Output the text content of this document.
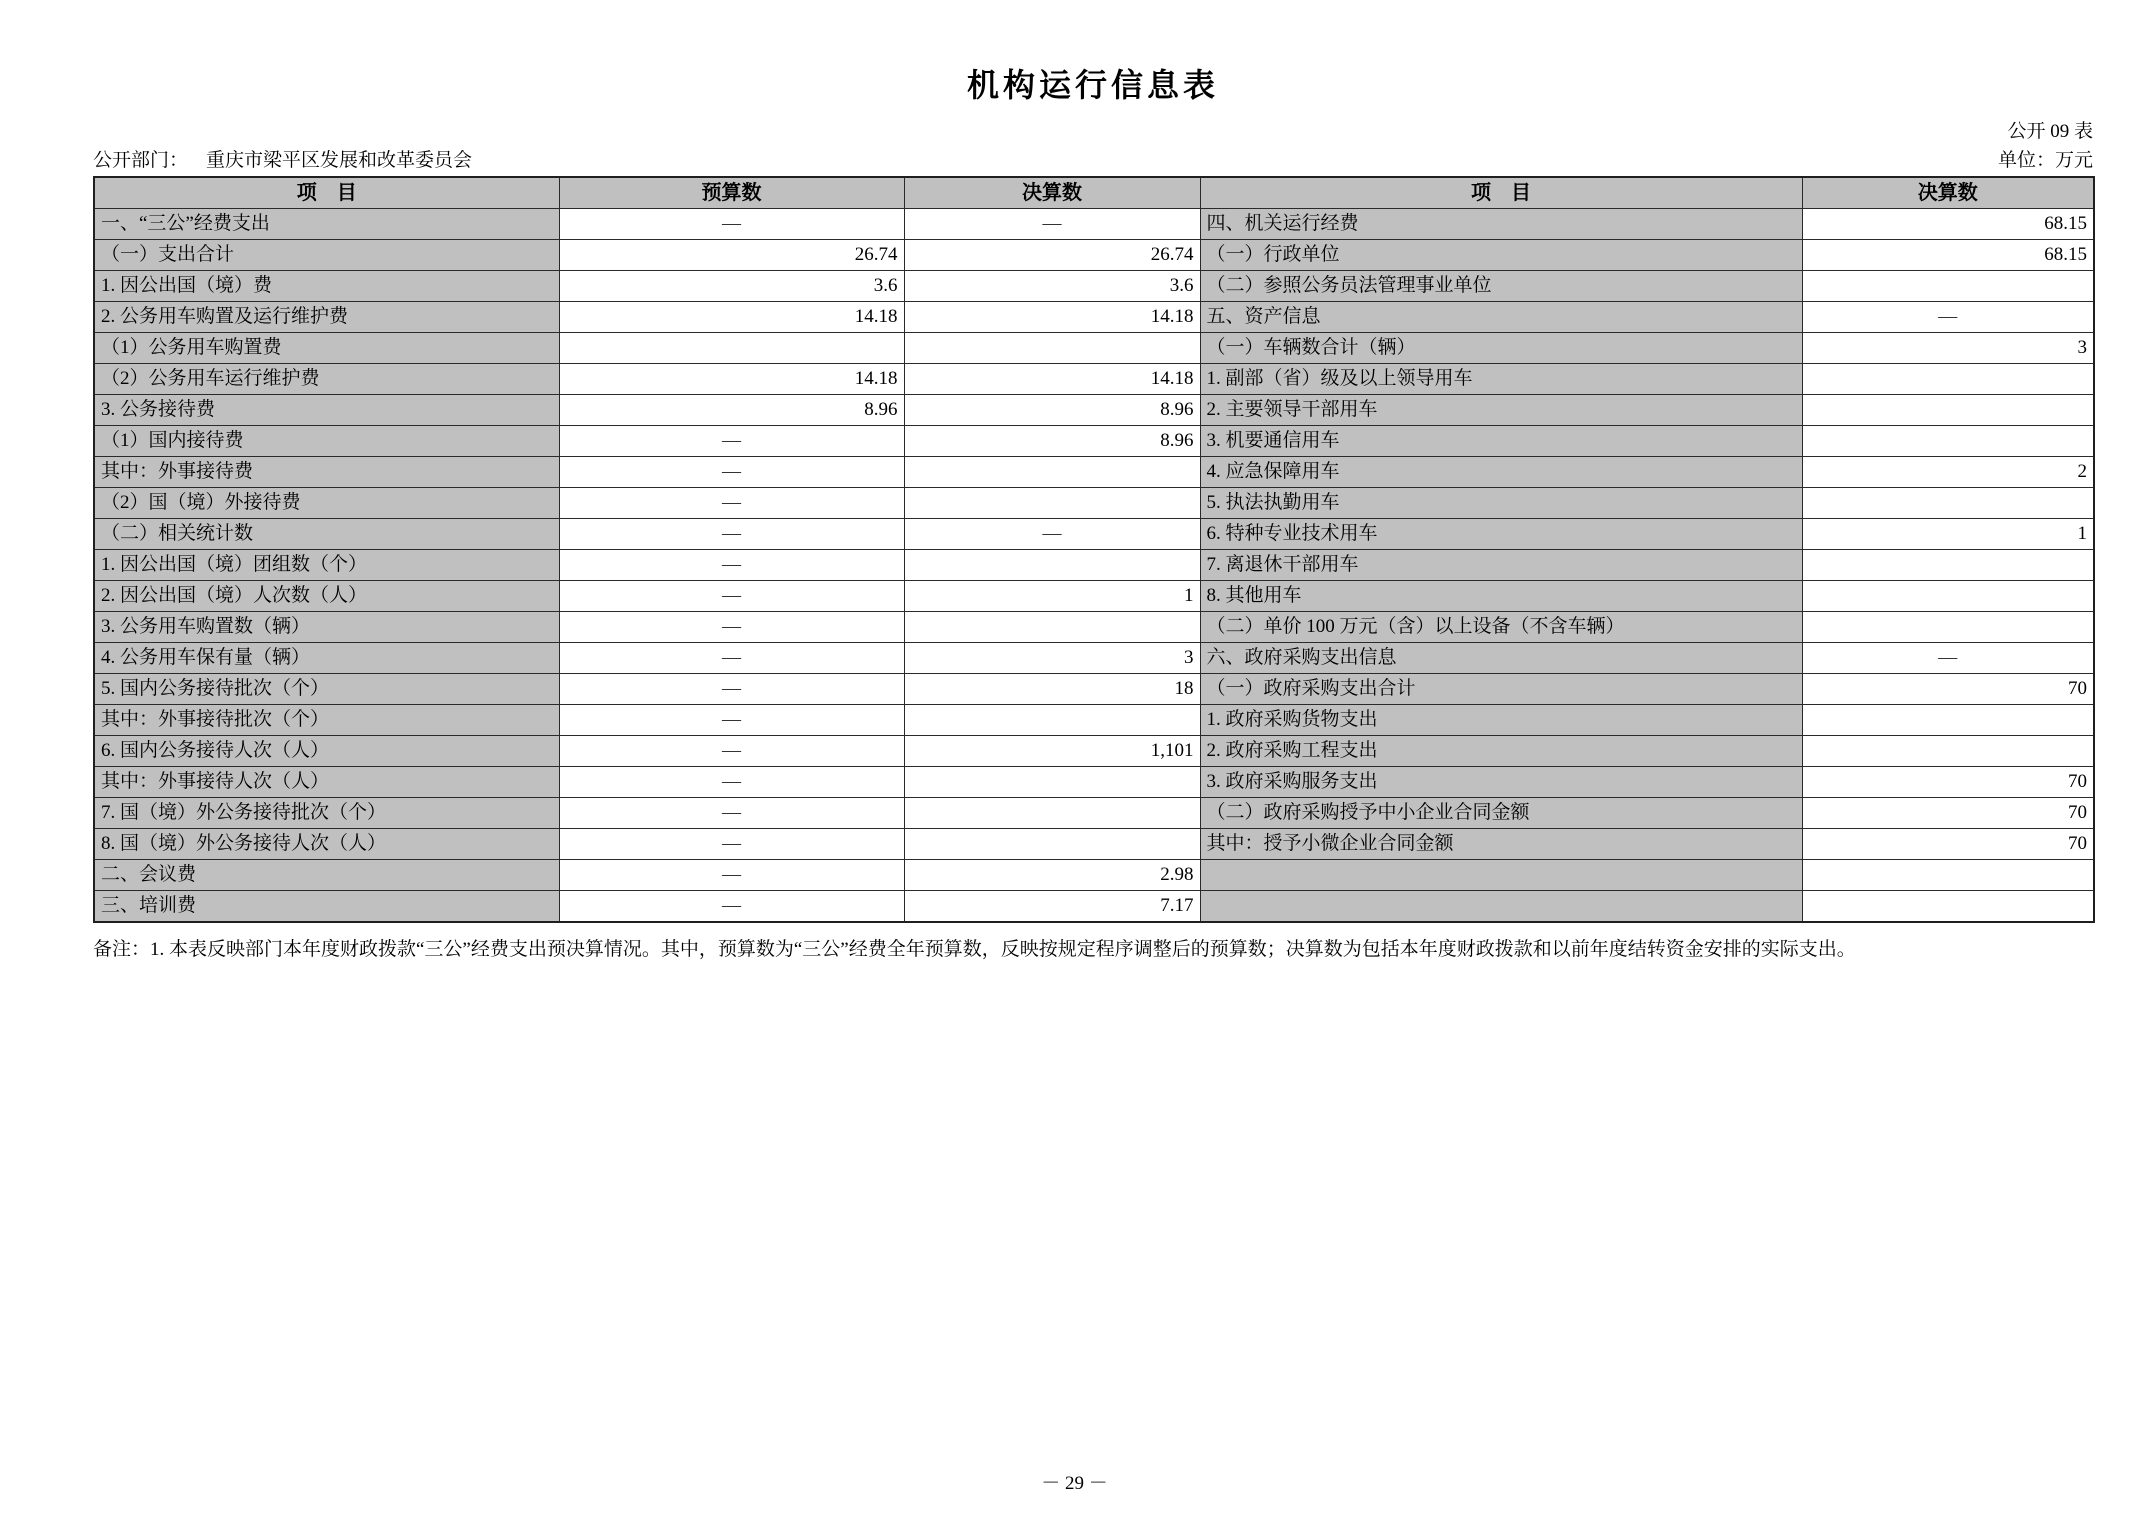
机构运行信息表
公开 09 表
公开部门： 重庆市梁平区发展和改革委员会	单位：万元
项　目	预算数	决算数	项　目	决算数
一、“三公”经费支出	—	—	四、机关运行经费	68.15
（一）支出合计	26.74	26.74	（一）行政单位	68.15
1. 因公出国（境）费	3.6	3.6	（二）参照公务员法管理事业单位	
2. 公务用车购置及运行维护费	14.18	14.18	五、资产信息	—
（1）公务用车购置费			（一）车辆数合计（辆）	3
（2）公务用车运行维护费	14.18	14.18	1. 副部（省）级及以上领导用车	
3. 公务接待费	8.96	8.96	2. 主要领导干部用车	
（1）国内接待费	—	8.96	3. 机要通信用车	
其中：外事接待费	—		4. 应急保障用车	2
（2）国（境）外接待费	—		5. 执法执勤用车	
（二）相关统计数	—	—	6. 特种专业技术用车	1
1. 因公出国（境）团组数（个）	—		7. 离退休干部用车	
2. 因公出国（境）人次数（人）	—	1	8. 其他用车	
3. 公务用车购置数（辆）	—		（二）单价 100 万元（含）以上设备（不含车辆）	
4. 公务用车保有量（辆）	—	3	六、政府采购支出信息	—
5. 国内公务接待批次（个）	—	18	（一）政府采购支出合计	70
其中：外事接待批次（个）	—		1. 政府采购货物支出	
6. 国内公务接待人次（人）	—	1,101	2. 政府采购工程支出	
其中：外事接待人次（人）	—		3. 政府采购服务支出	70
7. 国（境）外公务接待批次（个）	—		（二）政府采购授予中小企业合同金额	70
8. 国（境）外公务接待人次（人）	—		其中：授予小微企业合同金额	70
二、会议费	—	2.98		
三、培训费	—	7.17		
备注：1. 本表反映部门本年度财政拨款“三公”经费支出预决算情况。其中，预算数为“三公”经费全年预算数，反映按规定程序调整后的预算数；决算数为包括本年度财政拨款和以前年度结转资金安排的实际支出。
－ 29 －
